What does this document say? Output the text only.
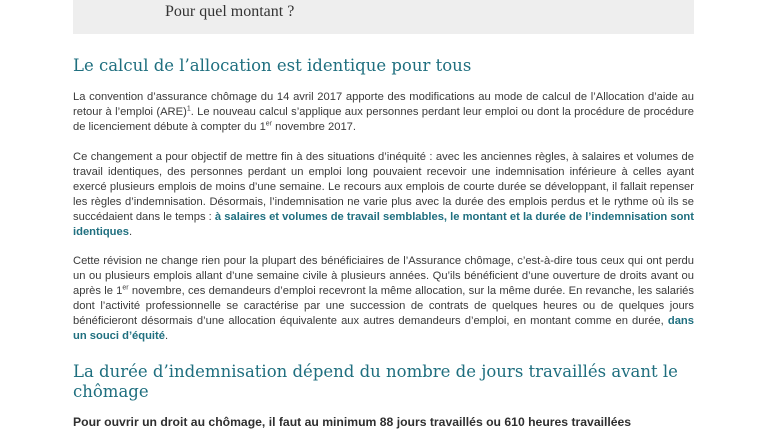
Pour quel montant ?
Le calcul de l’allocation est identique pour tous

La convention d’assurance chômage du 14 avril 2017 apporte des modifications au mode de calcul de l’Allocation d’aide au retour à l’emploi (ARE)$^1$. Le nouveau calcul s’applique aux personnes perdant leur emploi ou dont la procédure de procédure de licenciement débute à compter du 1er novembre 2017.

Ce changement a pour objectif de mettre fin à des situations d’inéquité : avec les anciennes règles, à salaires et volumes de travail identiques, des personnes perdant un emploi long pouvaient recevoir une indemnisation inférieure à celles ayant exercé plusieurs emplois de moins d’une semaine. Le recours aux emplois de courte durée se développant, il fallait repenser les règles d’indemnisation. Désormais, l’indemnisation ne varie plus avec la durée des emplois perdus et le rythme où ils se succédaient dans le temps : à salaires et volumes de travail semblables, le montant et la durée de l’indemnisation sont identiques.

Cette révision ne change rien pour la plupart des bénéficiaires de l’Assurance chômage, c’est-à-dire tous ceux qui ont perdu un ou plusieurs emplois allant d’une semaine civile à plusieurs années. Qu’ils bénéficient d’une ouverture de droits avant ou après le 1er novembre, ces demandeurs d’emploi recevront la même allocation, sur la même durée. En revanche, les salariés dont l’activité professionnelle se caractérise par une succession de contrats de quelques heures ou de quelques jours bénéficieront désormais d’une allocation équivalente aux autres demandeurs d’emploi, en montant comme en durée, dans un souci d’équité.

La durée d’indemnisation dépend du nombre de jours travaillés avant le chômage

Pour ouvrir un droit au chômage, il faut au minimum 88 jours travaillés ou 610 heures travaillées
